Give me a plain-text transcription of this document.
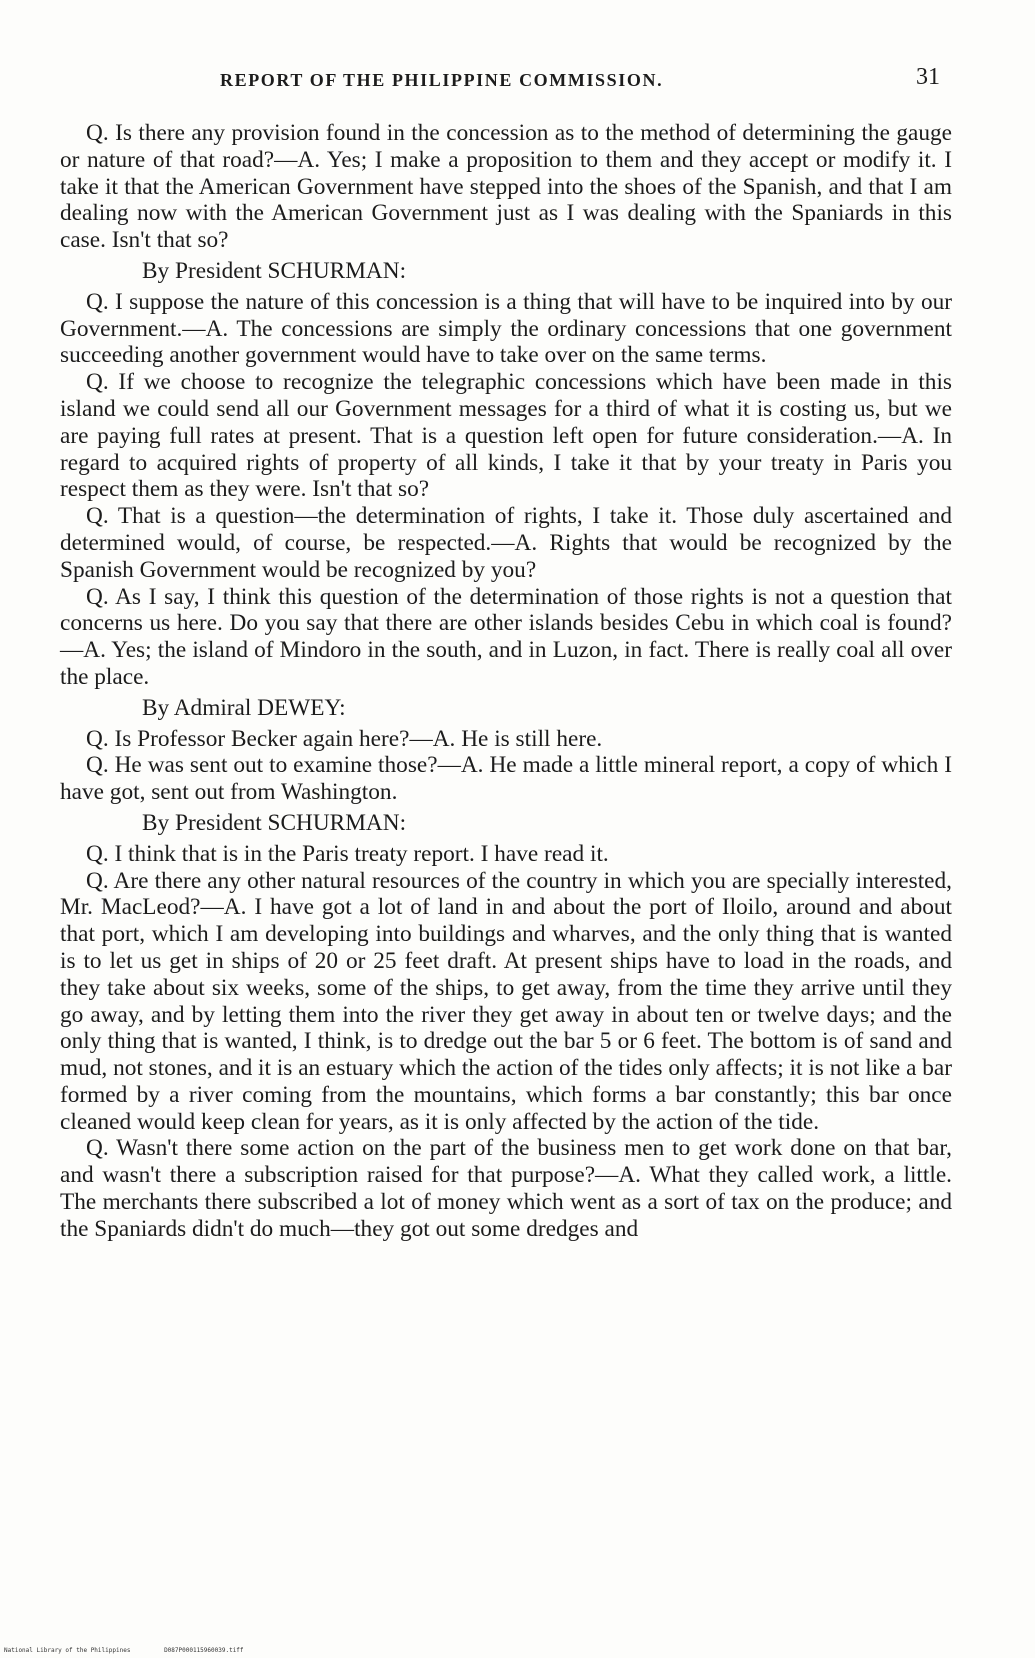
REPORT OF THE PHILIPPINE COMMISSION.	31

Q. Is there any provision found in the concession as to the method of determining the gauge or nature of that road?—A. Yes; I make a proposition to them and they accept or modify it. I take it that the American Government have stepped into the shoes of the Spanish, and that I am dealing now with the American Government just as I was dealing with the Spaniards in this case. Isn't that so?

By President SCHURMAN:

Q. I suppose the nature of this concession is a thing that will have to be inquired into by our Government.—A. The concessions are simply the ordinary concessions that one government succeeding another government would have to take over on the same terms.

Q. If we choose to recognize the telegraphic concessions which have been made in this island we could send all our Government messages for a third of what it is costing us, but we are paying full rates at present. That is a question left open for future consideration.—A. In regard to acquired rights of property of all kinds, I take it that by your treaty in Paris you respect them as they were. Isn't that so?

Q. That is a question—the determination of rights, I take it. Those duly ascertained and determined would, of course, be respected.—A. Rights that would be recognized by the Spanish Government would be recognized by you?

Q. As I say, I think this question of the determination of those rights is not a question that concerns us here. Do you say that there are other islands besides Cebu in which coal is found?—A. Yes; the island of Mindoro in the south, and in Luzon, in fact. There is really coal all over the place.

By Admiral DEWEY:

Q. Is Professor Becker again here?—A. He is still here.

Q. He was sent out to examine those?—A. He made a little mineral report, a copy of which I have got, sent out from Washington.

By President SCHURMAN:

Q. I think that is in the Paris treaty report. I have read it.

Q. Are there any other natural resources of the country in which you are specially interested, Mr. MacLeod?—A. I have got a lot of land in and about the port of Iloilo, around and about that port, which I am developing into buildings and wharves, and the only thing that is wanted is to let us get in ships of 20 or 25 feet draft. At present ships have to load in the roads, and they take about six weeks, some of the ships, to get away, from the time they arrive until they go away, and by letting them into the river they get away in about ten or twelve days; and the only thing that is wanted, I think, is to dredge out the bar 5 or 6 feet. The bottom is of sand and mud, not stones, and it is an estuary which the action of the tides only affects; it is not like a bar formed by a river coming from the mountains, which forms a bar constantly; this bar once cleaned would keep clean for years, as it is only affected by the action of the tide.

Q. Wasn't there some action on the part of the business men to get work done on that bar, and wasn't there a subscription raised for that purpose?—A. What they called work, a little. The merchants there subscribed a lot of money which went as a sort of tax on the produce; and the Spaniards didn't do much—they got out some dredges and

National Library of the Philippines	D087P000115960039.tiff
